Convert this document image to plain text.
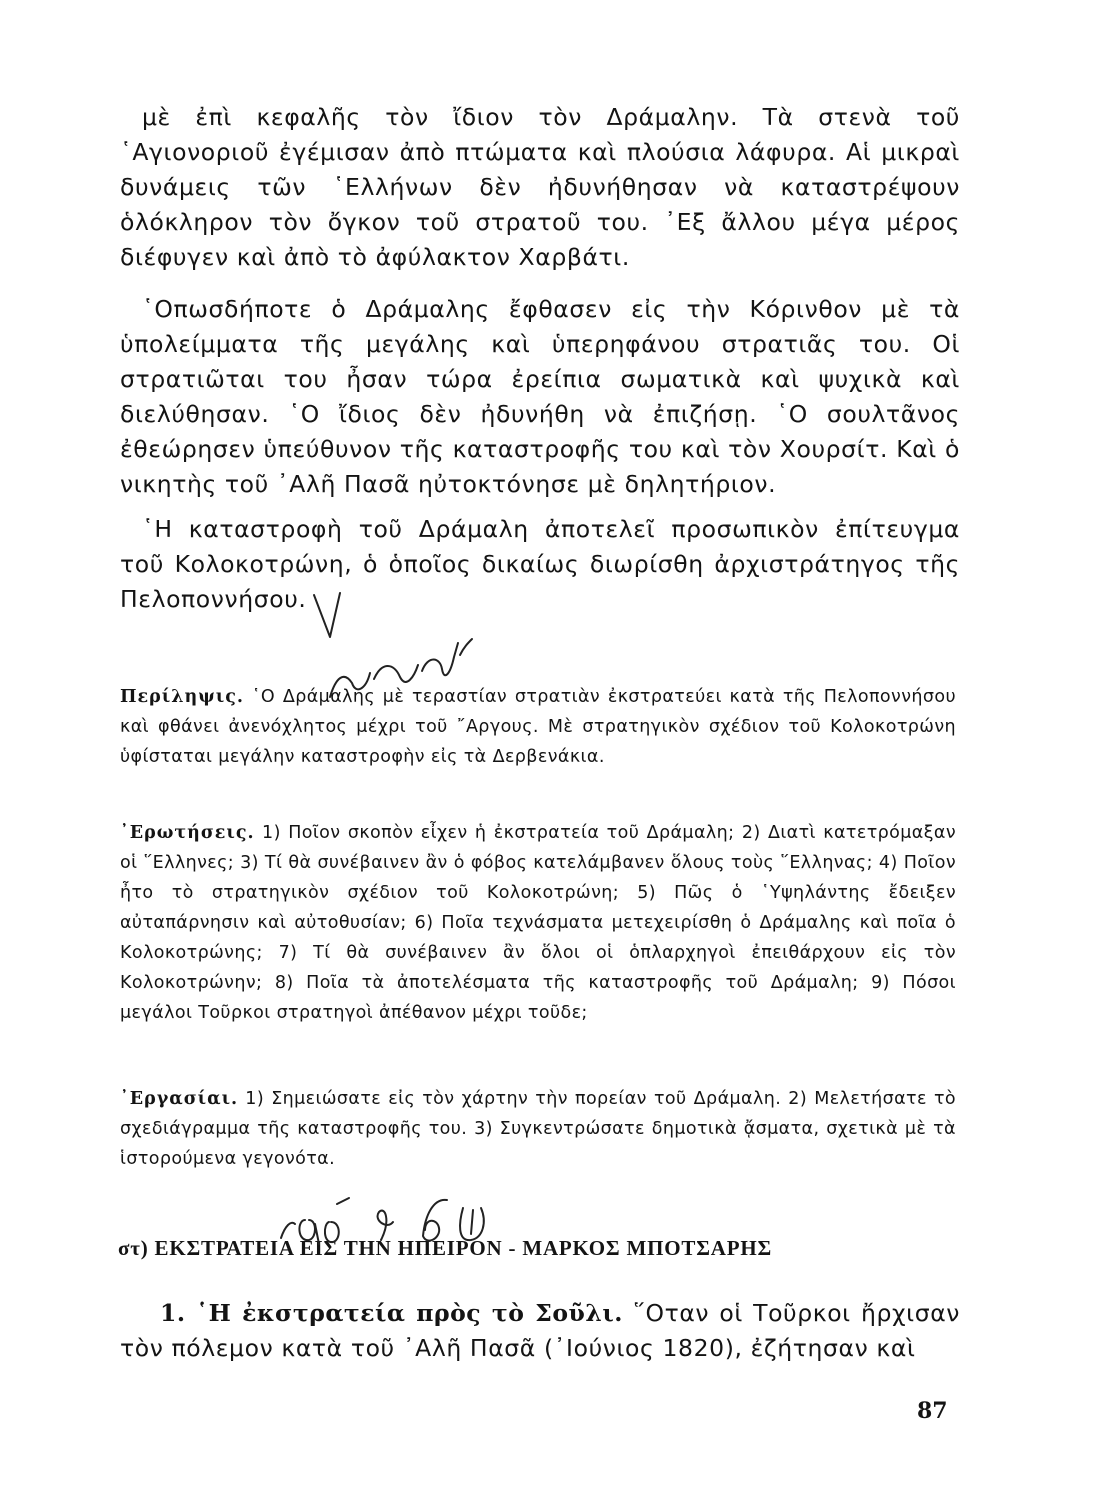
μὲ ἐπὶ κεφαλῆς τὸν ἴδιον τὸν Δράμαλην. Τὰ στενὰ τοῦ ῾Αγιονοριοῦ ἐγέμισαν ἀπὸ πτώματα καὶ πλούσια λάφυρα. Αἱ μικραὶ δυνάμεις τῶν ῾Ελλήνων δὲν ἠδυνήθησαν νὰ καταστρέψουν ὁλόκληρον τὸν ὄγκον τοῦ στρατοῦ του. ᾿Εξ ἄλλου μέγα μέρος διέφυγεν καὶ ἀπὸ τὸ ἀφύλακτον Χαρβάτι.

῾Οπωσδήποτε ὁ Δράμαλης ἔφθασεν εἰς τὴν Κόρινθον μὲ τὰ ὑπολείμματα τῆς μεγάλης καὶ ὑπερηφάνου στρατιᾶς του. Οἱ στρατιῶται του ἦσαν τώρα ἐρείπια σωματικὰ καὶ ψυχικὰ καὶ διελύθησαν. ῾Ο ἴδιος δὲν ἠδυνήθη νὰ ἐπιζήσῃ. ῾Ο σουλτᾶνος ἐθεώρησεν ὑπεύθυνον τῆς καταστροφῆς του καὶ τὸν Χουρσίτ. Καὶ ὁ νικητὴς τοῦ ᾿Αλῆ Πασᾶ ηὐτοκτόνησε μὲ δηλητήριον.

῾Η καταστροφὴ τοῦ Δράμαλη ἀποτελεῖ προσωπικὸν ἐπίτευγμα τοῦ Κολοκοτρώνη, ὁ ὁποῖος δικαίως διωρίσθη ἀρχιστράτηγος τῆς Πελοποννήσου.

Περίληψις. ῾Ο Δράμαλης μὲ τεραστίαν στρατιὰν ἐκστρατεύει κατὰ τῆς Πελοποννήσου καὶ φθάνει ἀνενόχλητος μέχρι τοῦ ῎Αργους. Μὲ στρατηγικὸν σχέδιον τοῦ Κολοκοτρώνη ὑφίσταται μεγάλην καταστροφὴν εἰς τὰ Δερβενάκια.

᾿Ερωτήσεις. 1) Ποῖον σκοπὸν εἶχεν ἡ ἐκστρατεία τοῦ Δράμαλη; 2) Διατὶ κατετρόμαξαν οἱ ῞Ελληνες; 3) Τί θὰ συνέβαινεν ἂν ὁ φόβος κατελάμβανεν ὅλους τοὺς ῞Ελληνας; 4) Ποῖον ἦτο τὸ στρατηγικὸν σχέδιον τοῦ Κολοκοτρώνη; 5) Πῶς ὁ ῾Υψηλάντης ἔδειξεν αὐταπάρνησιν καὶ αὐτοθυσίαν; 6) Ποῖα τεχνάσματα μετεχειρίσθη ὁ Δράμαλης καὶ ποῖα ὁ Κολοκοτρώνης; 7) Τί θὰ συνέβαινεν ἂν ὅλοι οἱ ὁπλαρχηγοὶ ἐπειθάρχουν εἰς τὸν Κολοκοτρώνην; 8) Ποῖα τὰ ἀποτελέσματα τῆς καταστροφῆς τοῦ Δράμαλη; 9) Πόσοι μεγάλοι Τοῦρκοι στρατηγοὶ ἀπέθανον μέχρι τοῦδε;

᾿Εργασίαι. 1) Σημειώσατε εἰς τὸν χάρτην τὴν πορείαν τοῦ Δράμαλη. 2) Μελετήσατε τὸ σχεδιάγραμμα τῆς καταστροφῆς του. 3) Συγκεντρώσατε δημοτικὰ ᾄσματα, σχετικὰ μὲ τὰ ἱστορούμενα γεγονότα.

στ) ΕΚΣΤΡΑΤΕΙΑ ΕΙΣ ΤΗΝ ΗΠΕΙΡΟΝ - ΜΑΡΚΟΣ ΜΠΟΤΣΑΡΗΣ

1. ῾Η ἐκστρατεία πρὸς τὸ Σοῦλι. ῞Οταν οἱ Τοῦρκοι ἤρχισαν τὸν πόλεμον κατὰ τοῦ ᾿Αλῆ Πασᾶ (᾿Ιούνιος 1820), ἐζήτησαν καὶ

87
